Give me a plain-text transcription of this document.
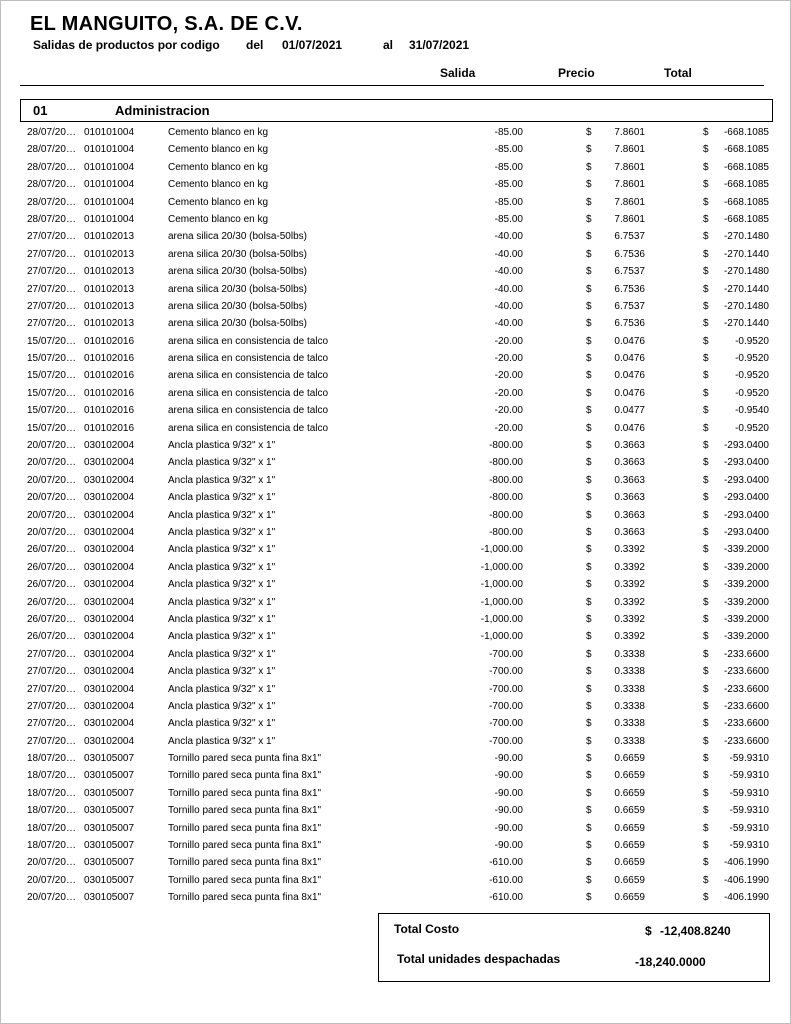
EL MANGUITO, S.A. DE C.V.
Salidas de productos por codigo del 01/07/2021	al 31/07/2021
Salida	Precio	Total
01	Administracion
28/07/2021	010101004	Cemento blanco en kg	-85.00	$ 7.8601	$ -668.1085
28/07/2021	010101004	Cemento blanco en kg	-85.00	$ 7.8601	$ -668.1085
28/07/2021	010101004	Cemento blanco en kg	-85.00	$ 7.8601	$ -668.1085
28/07/2021	010101004	Cemento blanco en kg	-85.00	$ 7.8601	$ -668.1085
28/07/2021	010101004	Cemento blanco en kg	-85.00	$ 7.8601	$ -668.1085
28/07/2021	010101004	Cemento blanco en kg	-85.00	$ 7.8601	$ -668.1085
27/07/2021	010102013	arena silica 20/30 (bolsa-50lbs)	-40.00	$ 6.7537	$ -270.1480
27/07/2021	010102013	arena silica 20/30 (bolsa-50lbs)	-40.00	$ 6.7536	$ -270.1440
27/07/2021	010102013	arena silica 20/30 (bolsa-50lbs)	-40.00	$ 6.7537	$ -270.1480
27/07/2021	010102013	arena silica 20/30 (bolsa-50lbs)	-40.00	$ 6.7536	$ -270.1440
27/07/2021	010102013	arena silica 20/30 (bolsa-50lbs)	-40.00	$ 6.7537	$ -270.1480
27/07/2021	010102013	arena silica 20/30 (bolsa-50lbs)	-40.00	$ 6.7536	$ -270.1440
15/07/2021	010102016	arena silica en consistencia de talco	-20.00	$ 0.0476	$	-0.9520
15/07/2021	010102016	arena silica en consistencia de talco	-20.00	$ 0.0476	$	-0.9520
15/07/2021	010102016	arena silica en consistencia de talco	-20.00	$ 0.0476	$	-0.9520
15/07/2021	010102016	arena silica en consistencia de talco	-20.00	$ 0.0476	$	-0.9520
15/07/2021	010102016	arena silica en consistencia de talco	-20.00	$ 0.0477	$	-0.9540
15/07/2021	010102016	arena silica en consistencia de talco	-20.00	$ 0.0476	$	-0.9520
20/07/2021	030102004	Ancla plastica 9/32" x 1"	-800.00	$ 0.3663	$ -293.0400
20/07/2021	030102004	Ancla plastica 9/32" x 1"	-800.00	$ 0.3663	$ -293.0400
20/07/2021	030102004	Ancla plastica 9/32" x 1"	-800.00	$ 0.3663	$ -293.0400
20/07/2021	030102004	Ancla plastica 9/32" x 1"	-800.00	$ 0.3663	$ -293.0400
20/07/2021	030102004	Ancla plastica 9/32" x 1"	-800.00	$ 0.3663	$ -293.0400
20/07/2021	030102004	Ancla plastica 9/32" x 1"	-800.00	$ 0.3663	$ -293.0400
26/07/2021	030102004	Ancla plastica 9/32" x 1"	-1,000.00	$ 0.3392	$ -339.2000
26/07/2021	030102004	Ancla plastica 9/32" x 1"	-1,000.00	$ 0.3392	$ -339.2000
26/07/2021	030102004	Ancla plastica 9/32" x 1"	-1,000.00	$ 0.3392	$ -339.2000
26/07/2021	030102004	Ancla plastica 9/32" x 1"	-1,000.00	$ 0.3392	$ -339.2000
26/07/2021	030102004	Ancla plastica 9/32" x 1"	-1,000.00	$ 0.3392	$ -339.2000
26/07/2021	030102004	Ancla plastica 9/32" x 1"	-1,000.00	$ 0.3392	$ -339.2000
27/07/2021	030102004	Ancla plastica 9/32" x 1"	-700.00	$ 0.3338	$ -233.6600
27/07/2021	030102004	Ancla plastica 9/32" x 1"	-700.00	$ 0.3338	$ -233.6600
27/07/2021	030102004	Ancla plastica 9/32" x 1"	-700.00	$ 0.3338	$ -233.6600
27/07/2021	030102004	Ancla plastica 9/32" x 1"	-700.00	$ 0.3338	$ -233.6600
27/07/2021	030102004	Ancla plastica 9/32" x 1"	-700.00	$ 0.3338	$ -233.6600
27/07/2021	030102004	Ancla plastica 9/32" x 1"	-700.00	$ 0.3338	$ -233.6600
18/07/2021	030105007	Tornillo pared seca punta fina 8x1"	-90.00	$ 0.6659	$ -59.9310
18/07/2021	030105007	Tornillo pared seca punta fina 8x1"	-90.00	$ 0.6659	$ -59.9310
18/07/2021	030105007	Tornillo pared seca punta fina 8x1"	-90.00	$ 0.6659	$ -59.9310
18/07/2021	030105007	Tornillo pared seca punta fina 8x1"	-90.00	$ 0.6659	$ -59.9310
18/07/2021	030105007	Tornillo pared seca punta fina 8x1"	-90.00	$ 0.6659	$ -59.9310
18/07/2021	030105007	Tornillo pared seca punta fina 8x1"	-90.00	$ 0.6659	$ -59.9310
20/07/2021	030105007	Tornillo pared seca punta fina 8x1"	-610.00	$ 0.6659	$ -406.1990
20/07/2021	030105007	Tornillo pared seca punta fina 8x1"	-610.00	$ 0.6659	$ -406.1990
20/07/2021	030105007	Tornillo pared seca punta fina 8x1"	-610.00	$ 0.6659	$ -406.1990
Total Costo	$ -12,408.8240
Total unidades despachadas	-18,240.0000
